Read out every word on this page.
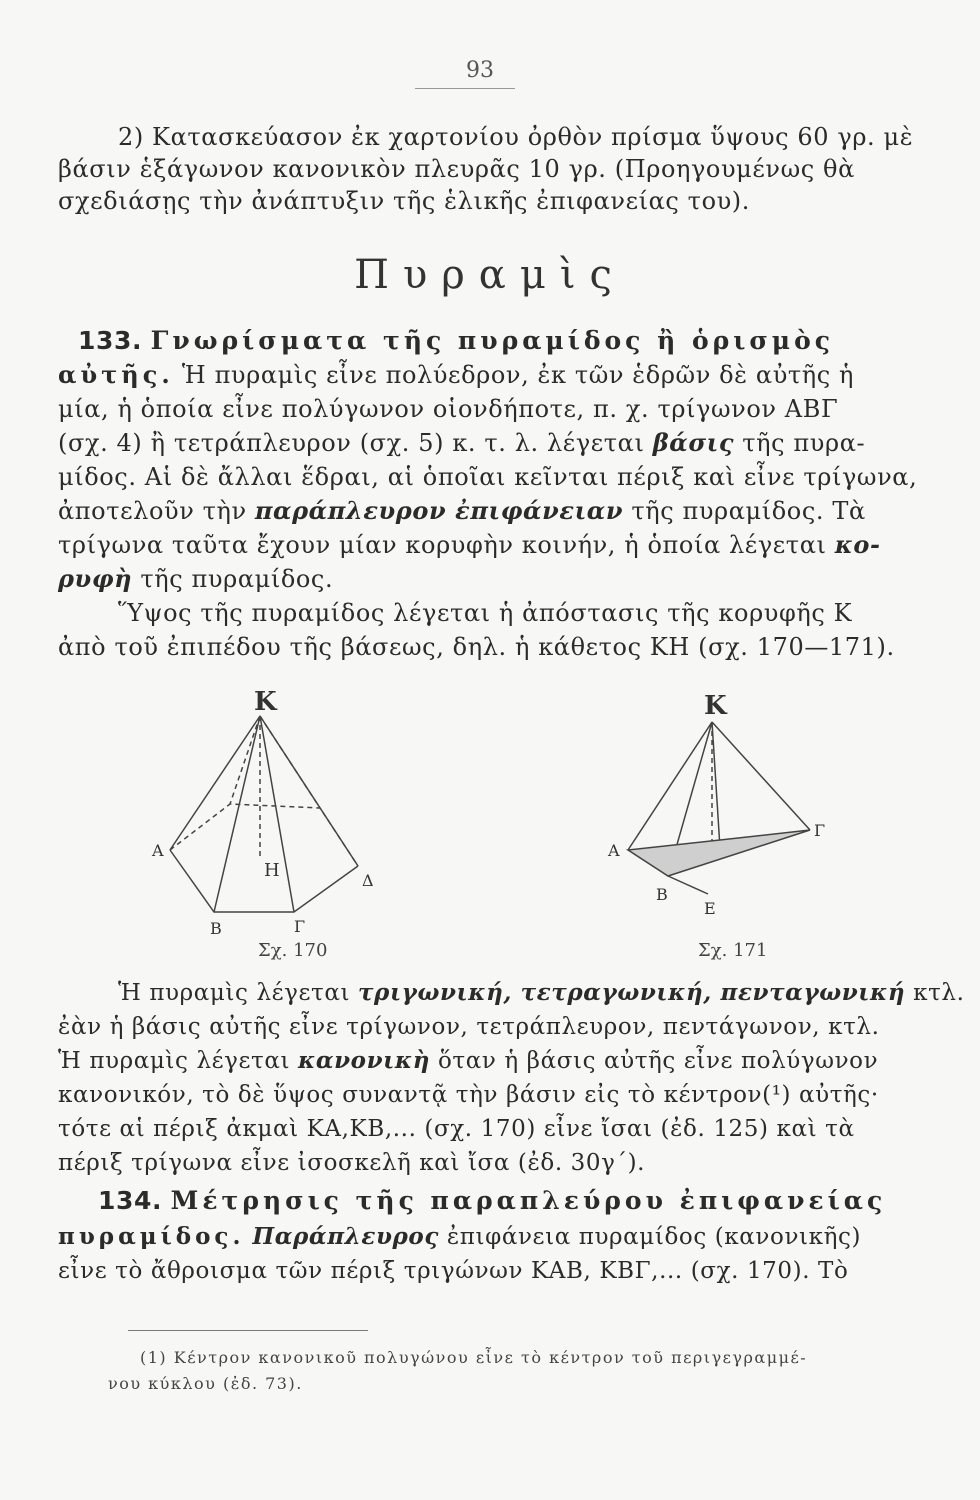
93
2) Κατασκεύασον ἐκ χαρτονίου ὀρθὸν πρίσμα ὕψους 60 γρ. μὲ
βάσιν ἑξάγωνον κανονικὸν πλευρᾶς 10 γρ. (Προηγουμένως θὰ
σχεδιάσῃς τὴν ἀνάπτυξιν τῆς ἑλικῆς ἐπιφανείας του).
Πυραμὶς
133. Γνωρίσματα τῆς πυραμίδος ἢ ὁρισμὸς
αὐτῆς. Ἡ πυραμὶς εἶνε πολύεδρον, ἐκ τῶν ἑδρῶν δὲ αὐτῆς ἡ
μία, ἡ ὁποία εἶνε πολύγωνον οἱονδήποτε, π. χ. τρίγωνον ΑΒΓ
(σχ. 4) ἢ τετράπλευρον (σχ. 5) κ. τ. λ. λέγεται βάσις τῆς πυρα-
μίδος. Αἱ δὲ ἄλλαι ἕδραι, αἱ ὁποῖαι κεῖνται πέριξ καὶ εἶνε τρίγωνα,
ἀποτελοῦν τὴν παράπλευρον ἐπιφάνειαν τῆς πυραμίδος. Τὰ
τρίγωνα ταῦτα ἔχουν μίαν κορυφὴν κοινήν, ἡ ὁποία λέγεται κο-
ρυφὴ τῆς πυραμίδος.
Ὕψος τῆς πυραμίδος λέγεται ἡ ἀπόστασις τῆς κορυφῆς Κ
ἀπὸ τοῦ ἐπιπέδου τῆς βάσεως, δηλ. ἡ κάθετος ΚΗ (σχ. 170—171).
Κ
Η
Α
Β	Γ
Δ
Σχ. 170
Κ
Α
Β
Γ
Ε
Σχ. 171
Ἡ πυραμὶς λέγεται τριγωνική, τετραγωνική, πενταγωνική κτλ.
ἐὰν ἡ βάσις αὐτῆς εἶνε τρίγωνον, τετράπλευρον, πεντάγωνον, κτλ.
Ἡ πυραμὶς λέγεται κανονικὴ ὅταν ἡ βάσις αὐτῆς εἶνε πολύγωνον
κανονικόν, τὸ δὲ ὕψος συναντᾷ τὴν βάσιν εἰς τὸ κέντρον(¹) αὐτῆς·
τότε αἱ πέριξ ἀκμαὶ ΚΑ,ΚΒ,... (σχ. 170) εἶνε ἴσαι (ἐδ. 125) καὶ τὰ
πέριξ τρίγωνα εἶνε ἰσοσκελῆ καὶ ἴσα (ἐδ. 30γ΄).
134. Μέτρησις τῆς παραπλεύρου ἐπιφανείας
πυραμίδος. Παράπλευρος ἐπιφάνεια πυραμίδος (κανονικῆς)
εἶνε τὸ ἄθροισμα τῶν πέριξ τριγώνων ΚΑΒ, ΚΒΓ,... (σχ. 170). Τὸ
(1) Κέντρον κανονικοῦ πολυγώνου εἶνε τὸ κέντρον τοῦ περιγεγραμμέ-
νου κύκλου (ἐδ. 73).
